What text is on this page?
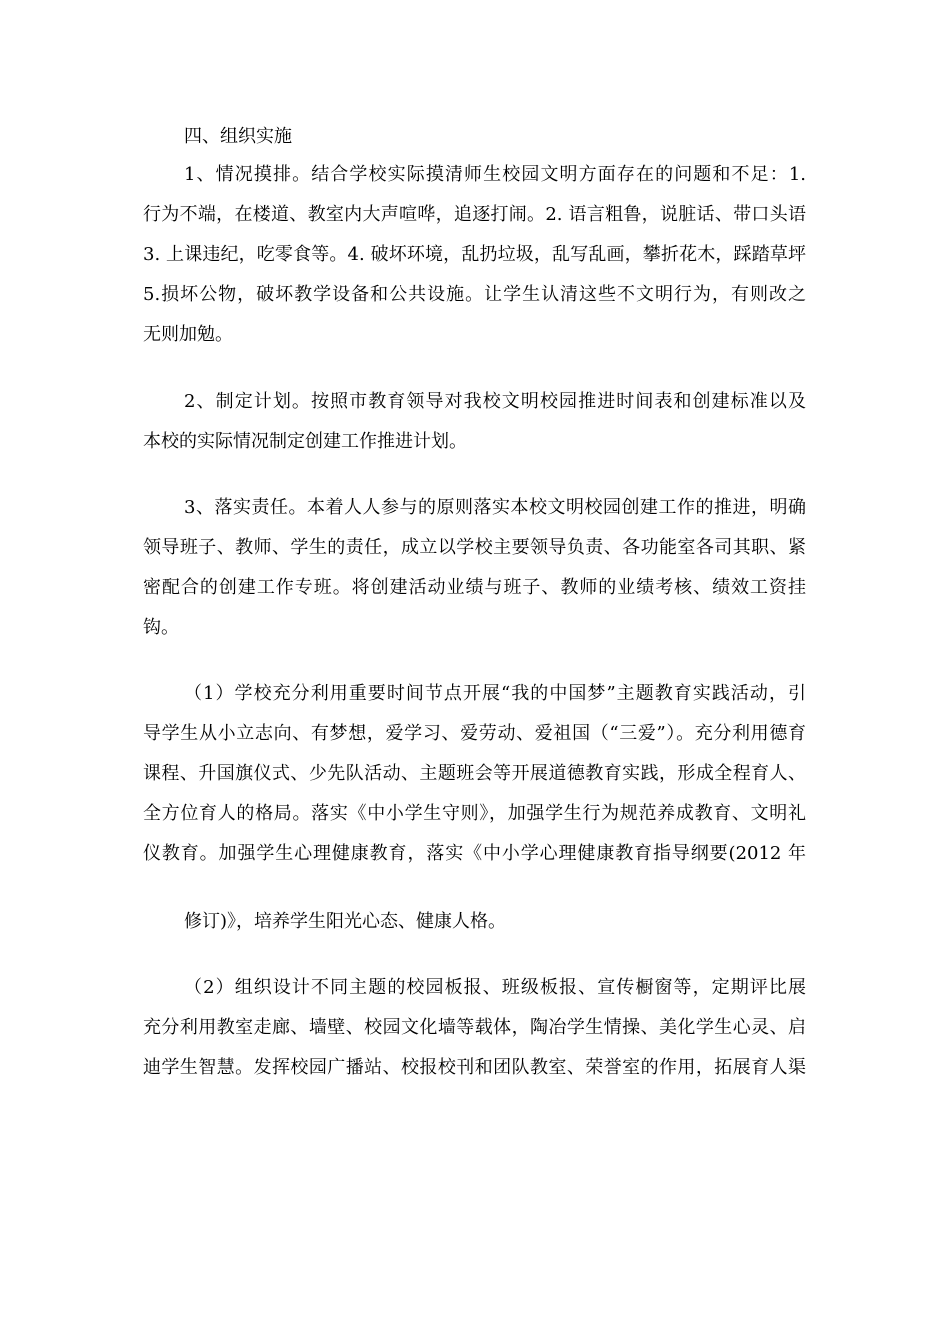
四、组织实施
1、情况摸排。结合学校实际摸清师生校园文明方面存在的问题和不足：1.
行为不端，在楼道、教室内大声喧哗，追逐打闹。2. 语言粗鲁，说脏话、带口头语
3. 上课违纪，吃零食等。4. 破坏环境，乱扔垃圾，乱写乱画，攀折花木，踩踏草坪
5.损坏公物，破坏教学设备和公共设施。让学生认清这些不文明行为，有则改之
无则加勉。
2、制定计划。按照市教育领导对我校文明校园推进时间表和创建标准以及
本校的实际情况制定创建工作推进计划。
3、落实责任。本着人人参与的原则落实本校文明校园创建工作的推进，明确
领导班子、教师、学生的责任，成立以学校主要领导负责、各功能室各司其职、紧
密配合的创建工作专班。将创建活动业绩与班子、教师的业绩考核、绩效工资挂
钩。
（1）学校充分利用重要时间节点开展“我的中国梦”主题教育实践活动，引
导学生从小立志向、有梦想，爱学习、爱劳动、爱祖国（“三爱”）。充分利用德育
课程、升国旗仪式、少先队活动、主题班会等开展道德教育实践，形成全程育人、
全方位育人的格局。落实《中小学生守则》，加强学生行为规范养成教育、文明礼
仪教育。加强学生心理健康教育，落实《中小学心理健康教育指导纲要(2012 年
修订)》，培养学生阳光心态、健康人格。
（2）组织设计不同主题的校园板报、班级板报、宣传橱窗等，定期评比展
充分利用教室走廊、墙壁、校园文化墙等载体，陶冶学生情操、美化学生心灵、启
迪学生智慧。发挥校园广播站、校报校刊和团队教室、荣誉室的作用，拓展育人渠
